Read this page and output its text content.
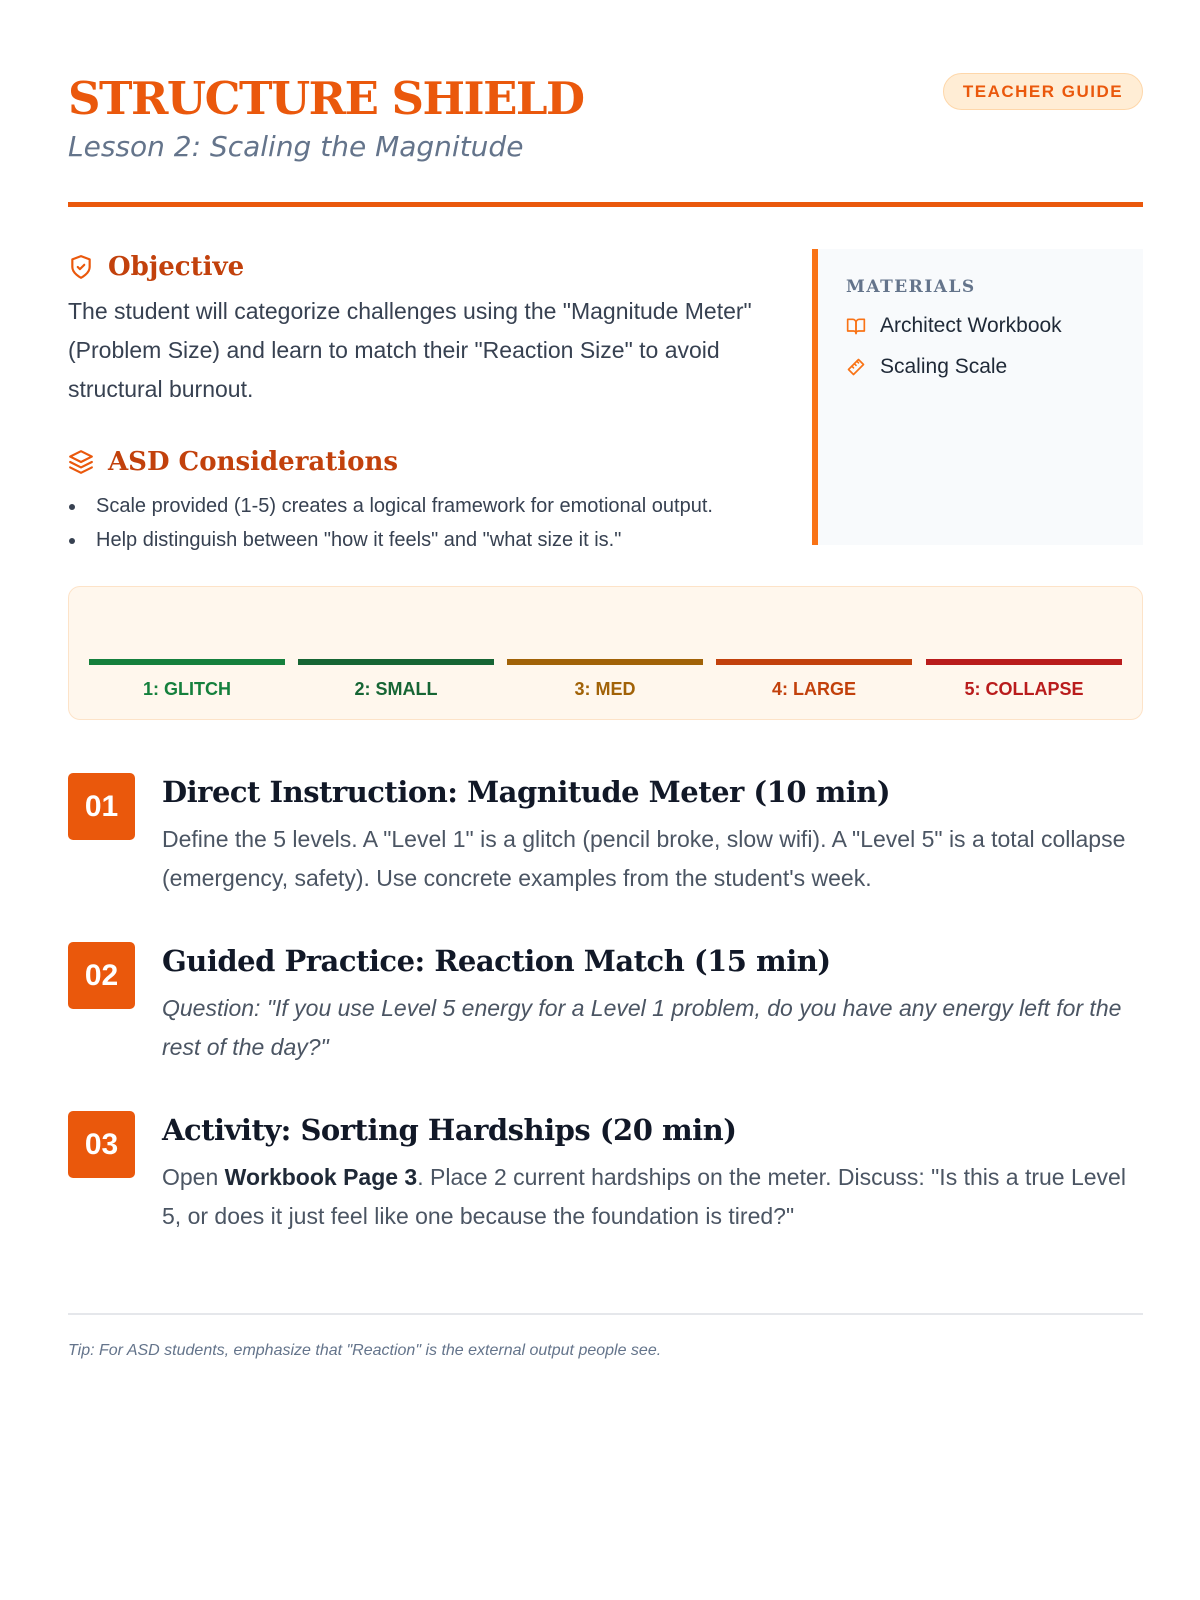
STRUCTURE SHIELD
Lesson 2: Scaling the Magnitude
TEACHER GUIDE
Objective

The student will categorize challenges using the "Magnitude Meter" (Problem Size) and learn to match their "Reaction Size" to avoid structural burnout.

ASD Considerations
Scale provided (1-5) creates a logical framework for emotional output.
Help distinguish between "how it feels" and "what size it is."
MATERIALS
Architect Workbook
Scaling Scale
1: GLITCH	2: SMALL	3: MED	4: LARGE	5: COLLAPSE
01	Direct Instruction: Magnitude Meter (10 min)

Define the 5 levels. A "Level 1" is a glitch (pencil broke, slow wifi). A "Level 5" is a total collapse (emergency, safety). Use concrete examples from the student's week.

02	Guided Practice: Reaction Match (15 min)

Question: "If you use Level 5 energy for a Level 1 problem, do you have any energy left for the rest of the day?"

03	Activity: Sorting Hardships (20 min)

Open Workbook Page 3. Place 2 current hardships on the meter. Discuss: "Is this a true Level 5, or does it just feel like one because the foundation is tired?"

Tip: For ASD students, emphasize that "Reaction" is the external output people see.
